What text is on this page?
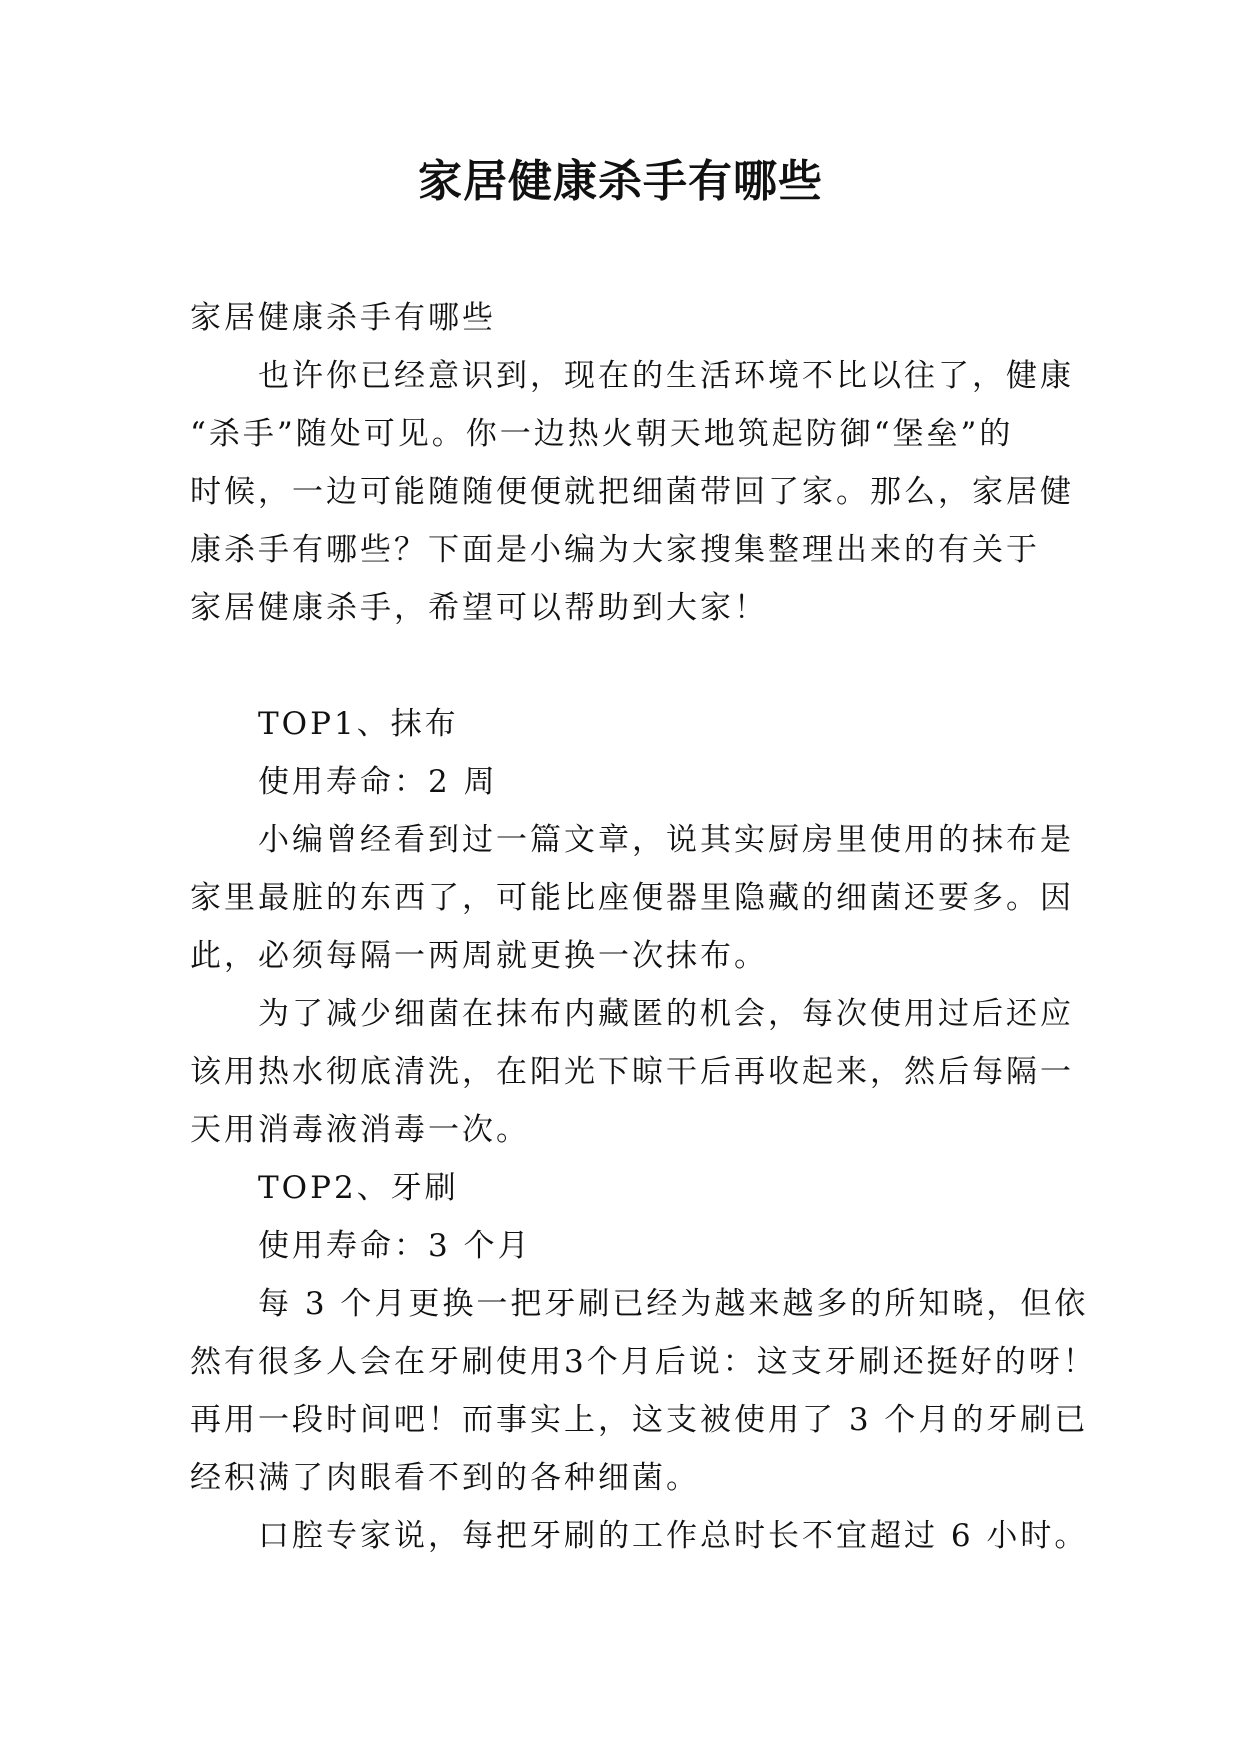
家居健康杀手有哪些
家居健康杀手有哪些
也许你已经意识到，现在的生活环境不比以往了，健康
“杀手”随处可见。你一边热火朝天地筑起防御“堡垒”的
时候，一边可能随随便便就把细菌带回了家。那么，家居健
康杀手有哪些？下面是小编为大家搜集整理出来的有关于
家居健康杀手，希望可以帮助到大家！
TOP1、抹布
使用寿命：2 周
小编曾经看到过一篇文章，说其实厨房里使用的抹布是
家里最脏的东西了，可能比座便器里隐藏的细菌还要多。因
此，必须每隔一两周就更换一次抹布。
为了减少细菌在抹布内藏匿的机会，每次使用过后还应
该用热水彻底清洗，在阳光下晾干后再收起来，然后每隔一
天用消毒液消毒一次。
TOP2、牙刷
使用寿命：3 个月
每 3 个月更换一把牙刷已经为越来越多的所知晓，但依
然有很多人会在牙刷使用3个月后说：这支牙刷还挺好的呀！
再用一段时间吧！而事实上，这支被使用了 3 个月的牙刷已
经积满了肉眼看不到的各种细菌。
口腔专家说，每把牙刷的工作总时长不宜超过 6 小时。
